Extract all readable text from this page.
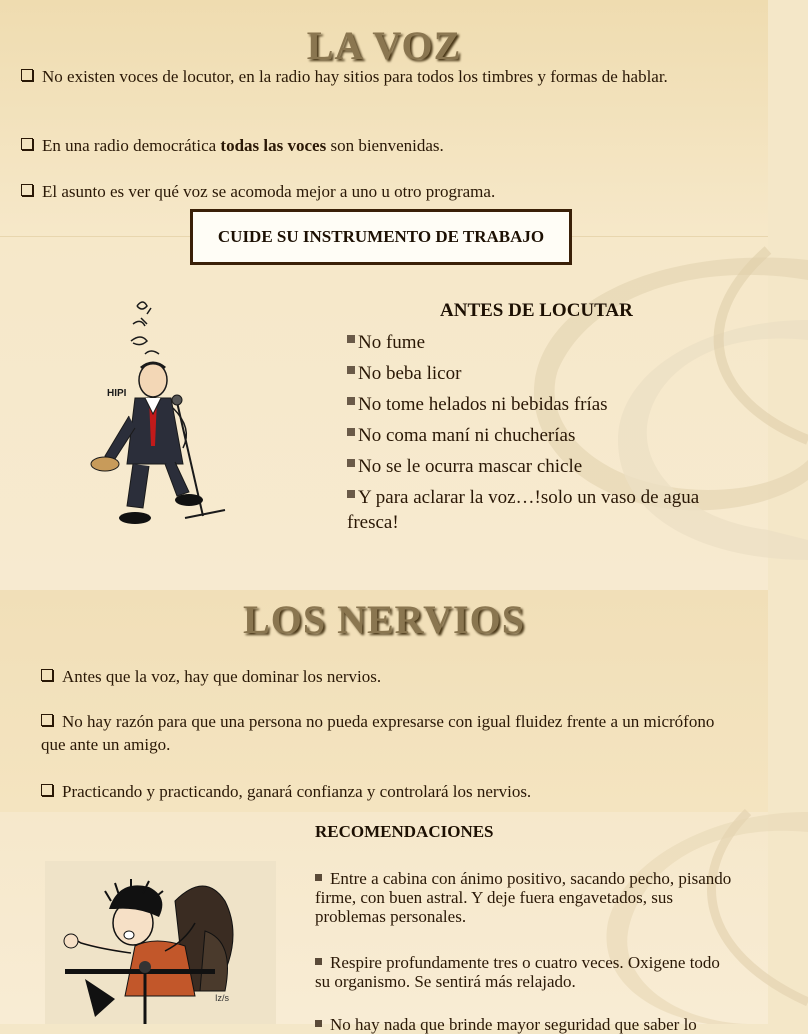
LA VOZ
No existen voces de locutor, en la radio hay sitios para todos los timbres y formas de hablar.
En una radio democrática todas las voces son bienvenidas.
El asunto es ver qué voz se acomoda mejor a uno u otro programa.
CUIDE SU INSTRUMENTO DE TRABAJO
HIPI
ANTES DE LOCUTAR
No fume
No beba licor
No tome helados ni bebidas frías
No coma maní ni chucherías
No se le ocurra mascar chicle
Y para aclarar la voz…!solo un vaso de agua fresca!
LOS NERVIOS
Antes que la voz, hay que dominar los nervios.
No hay razón para que una persona no pueda expresarse con igual fluidez frente a un micrófono que ante un amigo.
Practicando y practicando, ganará confianza y controlará los nervios.
RECOMENDACIONES
Iz/s
Entre a cabina con ánimo positivo, sacando pecho, pisando firme, con buen astral. Y deje fuera engavetados, sus problemas personales.
Respire profundamente tres o cuatro veces. Oxigene todo su organismo. Se sentirá más relajado.
No hay nada que brinde mayor seguridad que saber lo
